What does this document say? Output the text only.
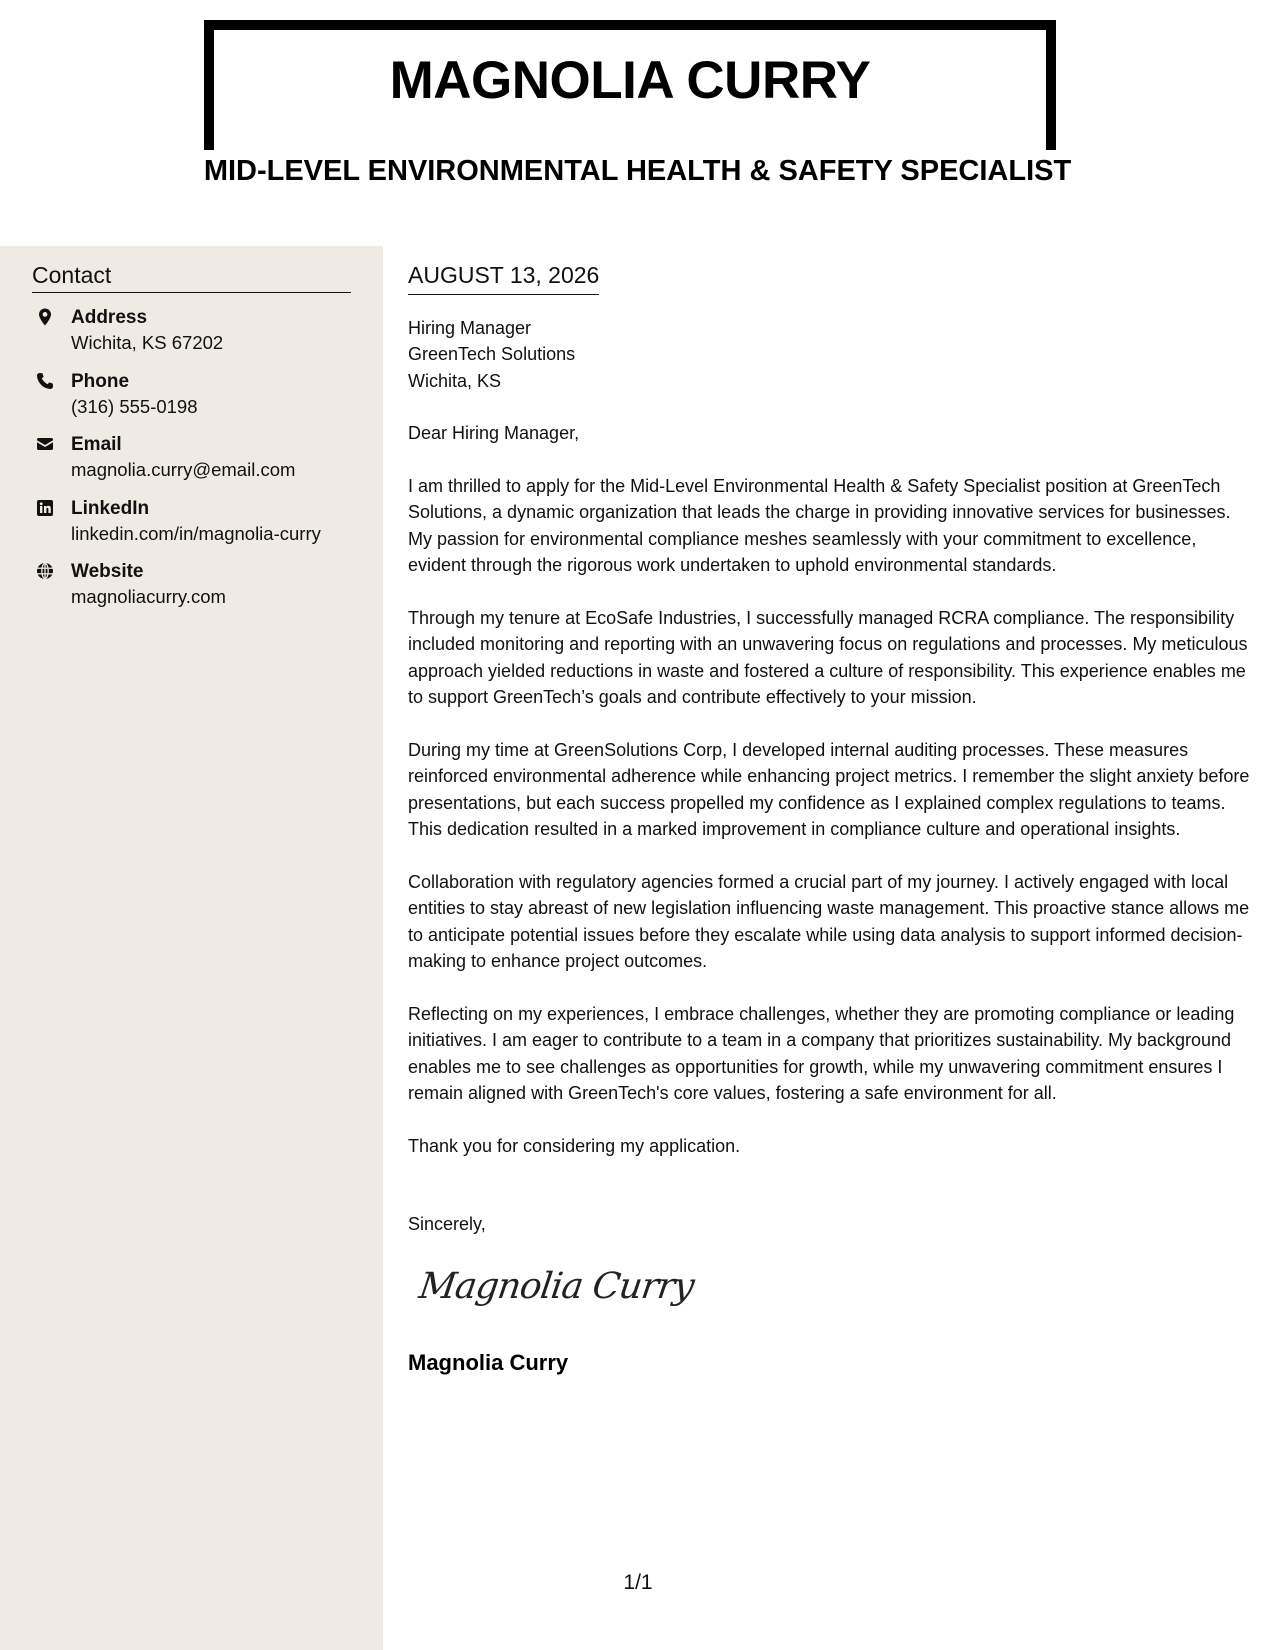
MAGNOLIA CURRY
MID-LEVEL ENVIRONMENTAL HEALTH & SAFETY SPECIALIST
Contact
Address
Wichita, KS 67202
Phone
(316) 555-0198
Email
magnolia.curry@email.com
LinkedIn
linkedin.com/in/magnolia-curry
Website
magnoliacurry.com
AUGUST 13, 2026
Hiring Manager
GreenTech Solutions
Wichita, KS
Dear Hiring Manager,
I am thrilled to apply for the Mid-Level Environmental Health & Safety Specialist position at GreenTech Solutions, a dynamic organization that leads the charge in providing innovative services for businesses. My passion for environmental compliance meshes seamlessly with your commitment to excellence, evident through the rigorous work undertaken to uphold environmental standards.
Through my tenure at EcoSafe Industries, I successfully managed RCRA compliance. The responsibility included monitoring and reporting with an unwavering focus on regulations and processes. My meticulous approach yielded reductions in waste and fostered a culture of responsibility. This experience enables me to support GreenTech’s goals and contribute effectively to your mission.
During my time at GreenSolutions Corp, I developed internal auditing processes. These measures reinforced environmental adherence while enhancing project metrics. I remember the slight anxiety before presentations, but each success propelled my confidence as I explained complex regulations to teams. This dedication resulted in a marked improvement in compliance culture and operational insights.
Collaboration with regulatory agencies formed a crucial part of my journey. I actively engaged with local entities to stay abreast of new legislation influencing waste management. This proactive stance allows me to anticipate potential issues before they escalate while using data analysis to support informed decision-making to enhance project outcomes.
Reflecting on my experiences, I embrace challenges, whether they are promoting compliance or leading initiatives. I am eager to contribute to a team in a company that prioritizes sustainability. My background enables me to see challenges as opportunities for growth, while my unwavering commitment ensures I remain aligned with GreenTech's core values, fostering a safe environment for all.
Thank you for considering my application.
Sincerely,
Magnolia Curry
Magnolia Curry
1/1
